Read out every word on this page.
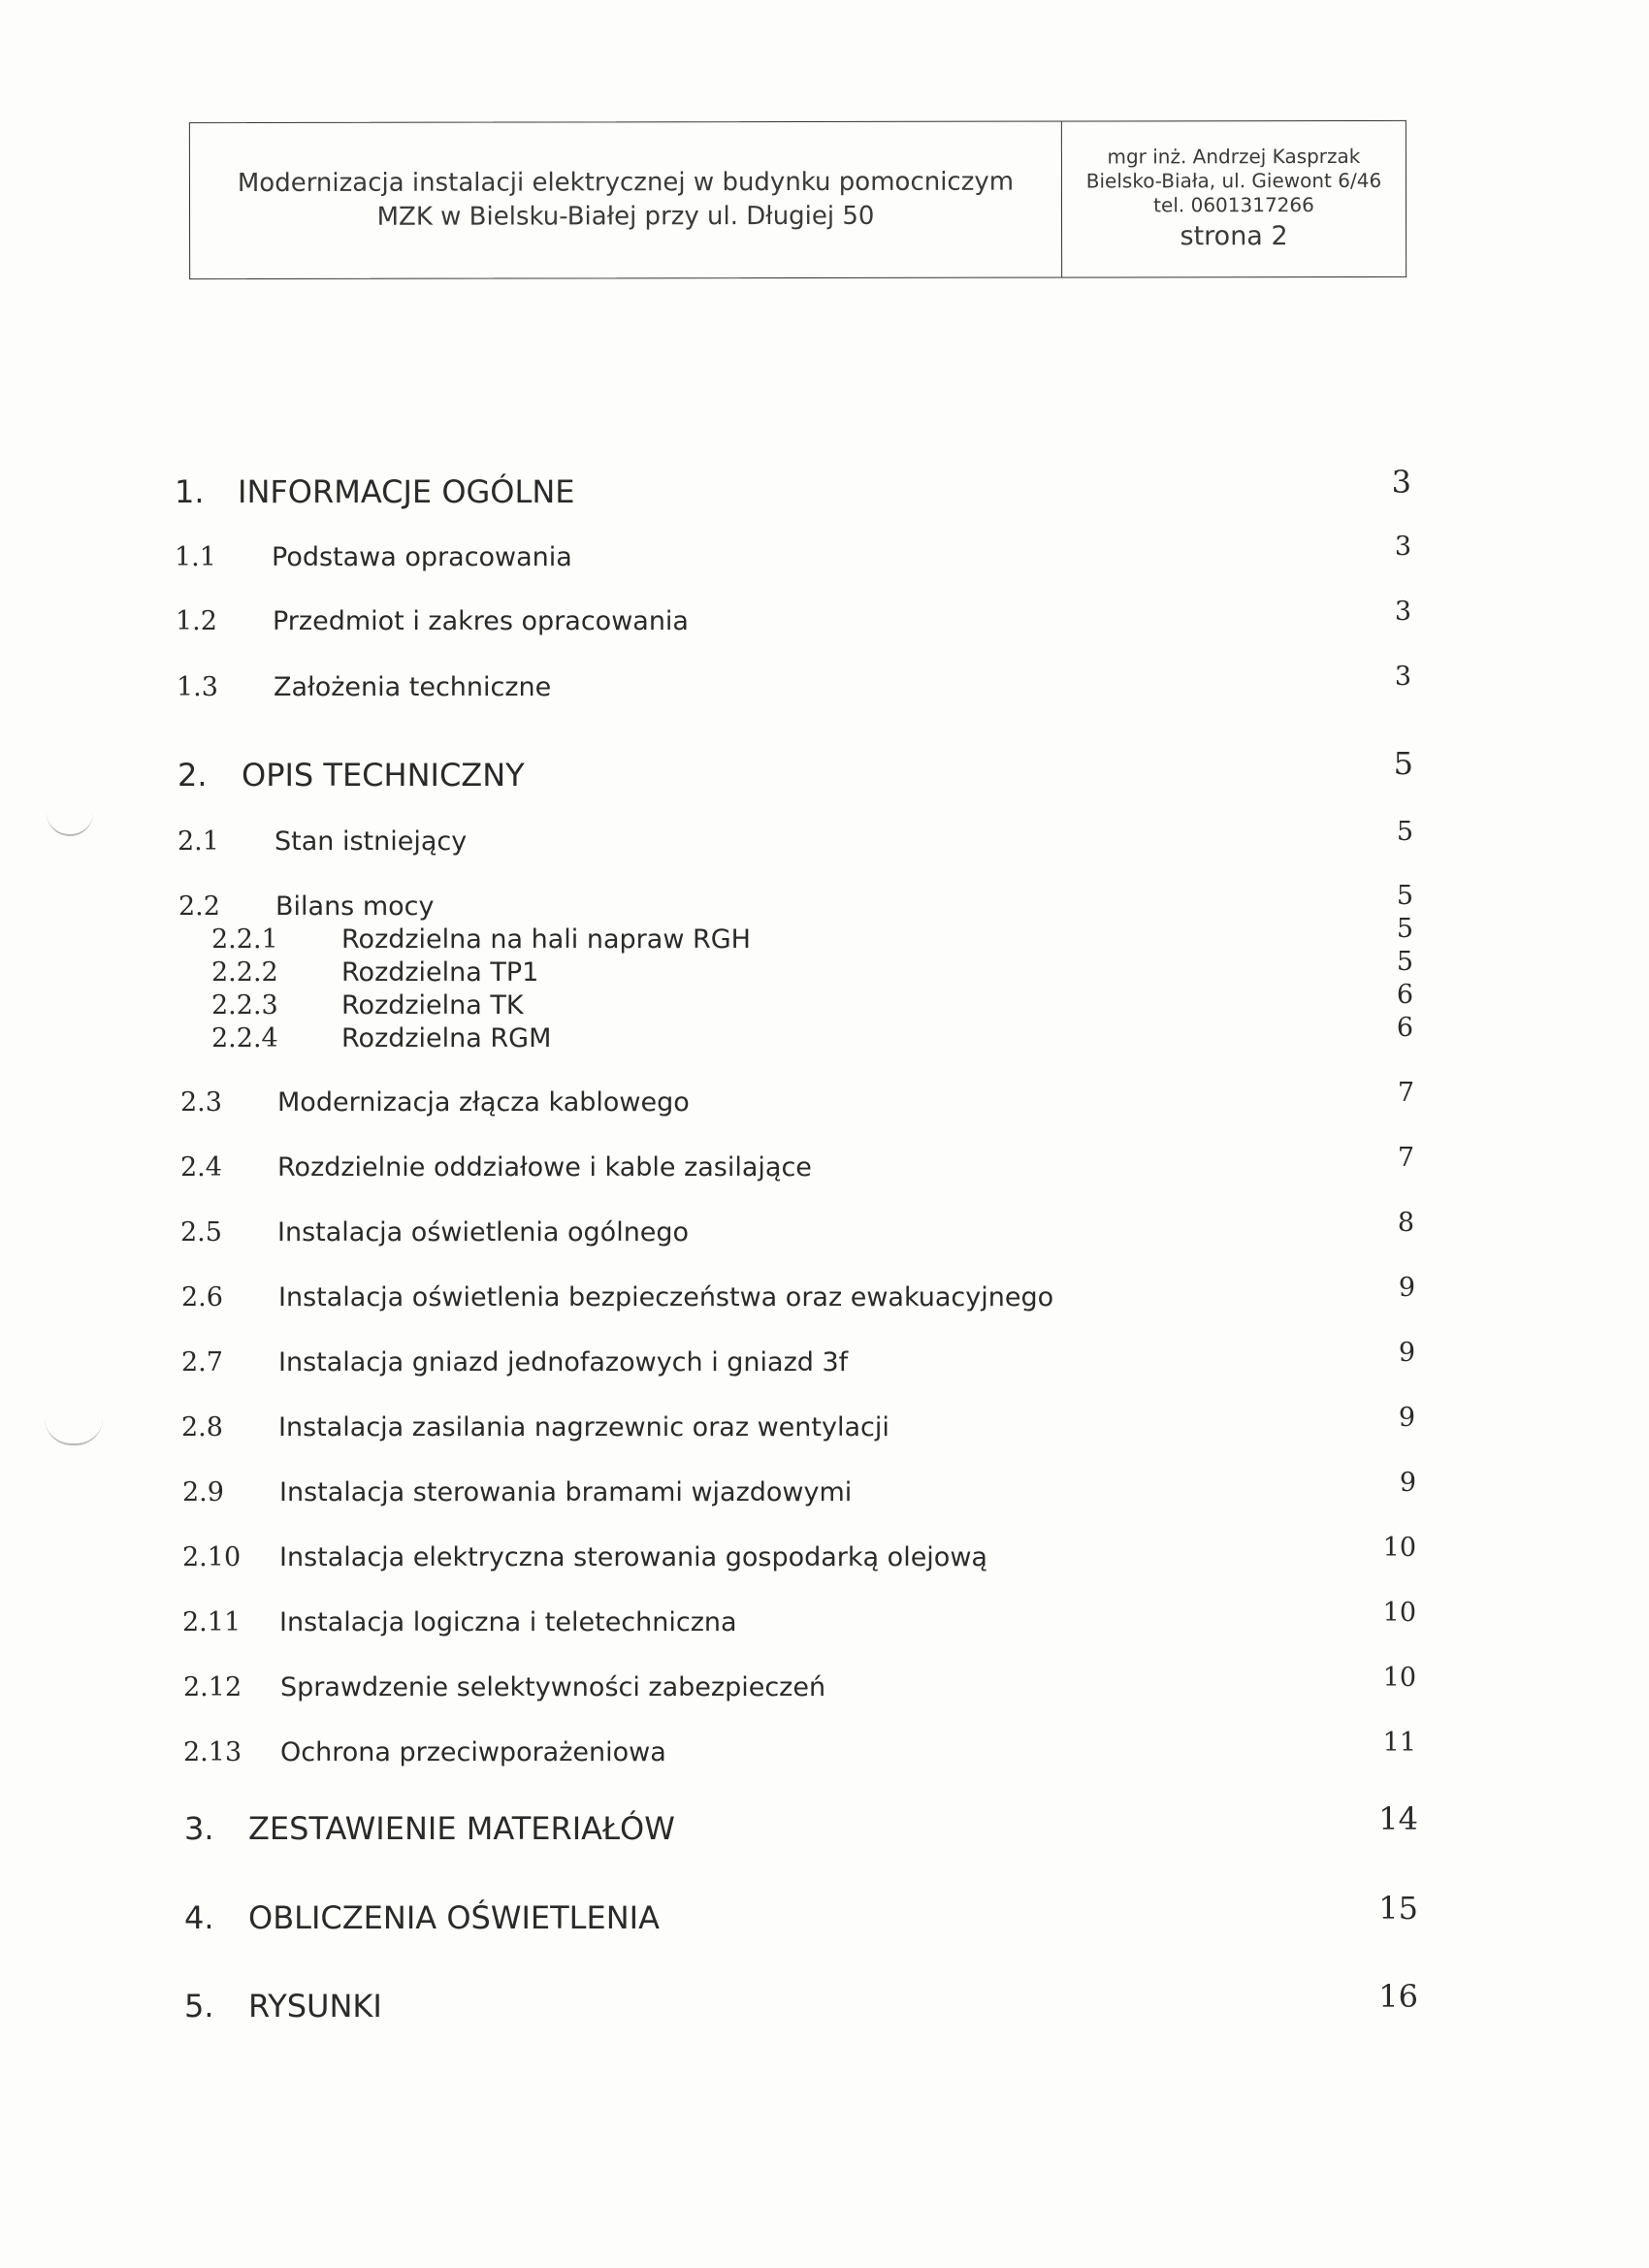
Modernizacja instalacji elektrycznej w budynku pomocniczym
MZK w Bielsku-Białej przy ul. Długiej 50
mgr inż. Andrzej Kasprzak
Bielsko-Biała, ul. Giewont 6/46
tel. 0601317266
strona 2
1. INFORMACJE OGÓLNE	3
1.1 Podstawa opracowania	3
1.2 Przedmiot i zakres opracowania	3
1.3 Założenia techniczne	3
2. OPIS TECHNICZNY	5
2.1 Stan istniejący	5
2.2 Bilans mocy	5
2.2.1 Rozdzielna na hali napraw RGH	5
2.2.2 Rozdzielna TP1	5
2.2.3 Rozdzielna TK	6
2.2.4 Rozdzielna RGM	6
2.3 Modernizacja złącza kablowego	7
2.4 Rozdzielnie oddziałowe i kable zasilające	7
2.5 Instalacja oświetlenia ogólnego	8
2.6 Instalacja oświetlenia bezpieczeństwa oraz ewakuacyjnego	9
2.7 Instalacja gniazd jednofazowych i gniazd 3f	9
2.8 Instalacja zasilania nagrzewnic oraz wentylacji	9
2.9 Instalacja sterowania bramami wjazdowymi	9
2.10 Instalacja elektryczna sterowania gospodarką olejową	10
2.11 Instalacja logiczna i teletechniczna	10
2.12 Sprawdzenie selektywności zabezpieczeń	10
2.13 Ochrona przeciwporażeniowa	11
3. ZESTAWIENIE MATERIAŁÓW	14
4. OBLICZENIA OŚWIETLENIA	15
5. RYSUNKI	16
